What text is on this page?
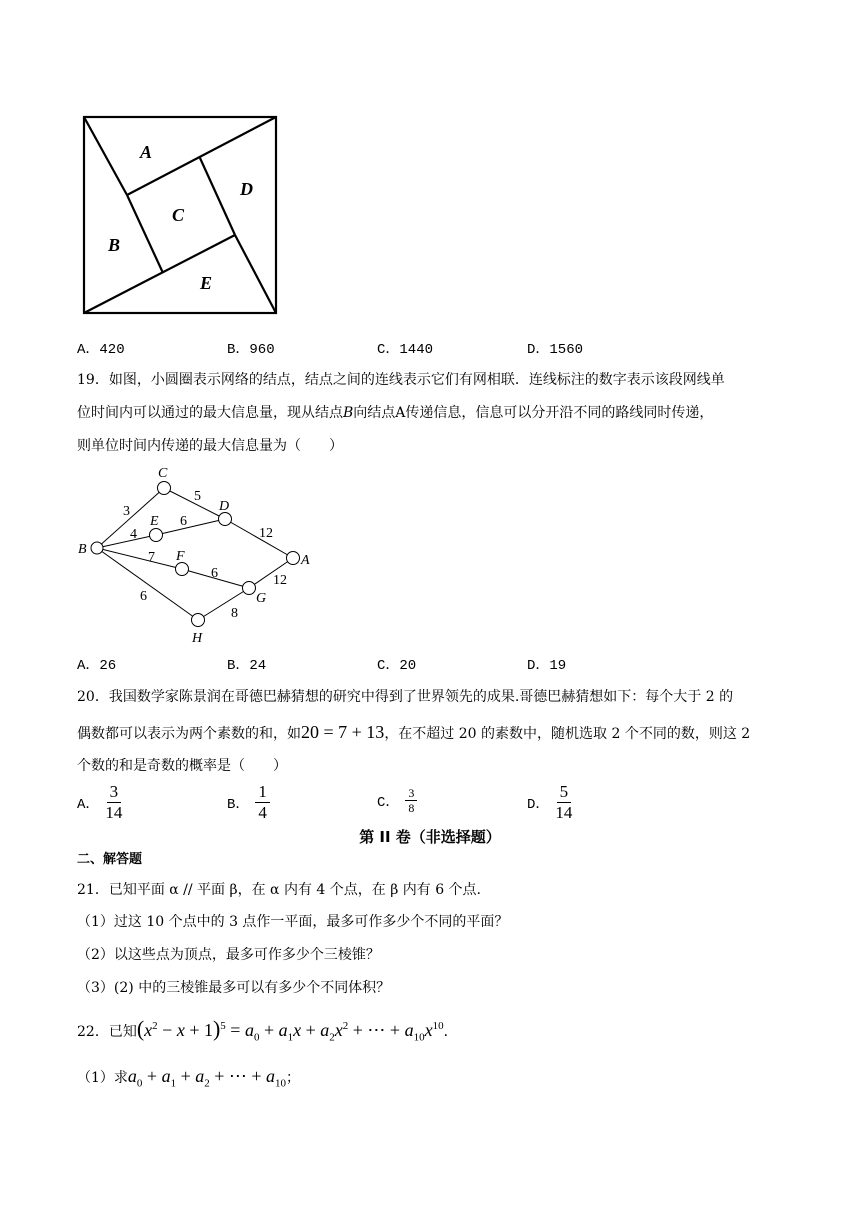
A
B
C
D
E
A．420	B．960	C．1440	D．1560
19．如图，小圆圈表示网络的结点，结点之间的连线表示它们有网相联．连线标注的数字表示该段网线单
位时间内可以通过的最大信息量，现从结点B向结点A传递信息，信息可以分开沿不同的路线同时传递，
则单位时间内传递的最大信息量为（　　）
B
C
D
E
F
G
H
A
3
5
4
6
12
7
6	12
6
8
A．26	B．24	C．20	D．19
20．我国数学家陈景润在哥德巴赫猜想的研究中得到了世界领先的成果.哥德巴赫猜想如下：每个大于 2 的
偶数都可以表示为两个素数的和，如20 = 7 + 13，在不超过 20 的素数中，随机选取 2 个不同的数，则这 2
个数的和是奇数的概率是（　　）
A． $\frac{3}{14}$	B． $\frac{1}{4}$	C． $\frac{3}{8}$	D． $\frac{5}{14}$
第 II 卷（非选择题）
二、解答题
21．已知平面 α // 平面 β，在 α 内有 4 个点，在 β 内有 6 个点.
（1）过这 10 个点中的 3 点作一平面，最多可作多少个不同的平面？
（2）以这些点为顶点，最多可作多少个三棱锥？
（3）(2) 中的三棱锥最多可以有多少个不同体积？
22．已知$(x^2 - x + 1)^5 = a_0 + a_1x + a_2x^2$ + ⋯ + $a_{10}x^{10}$．
（1）求$a_0 + a_1 + a_2$ + ⋯ + $a_{10}$；
